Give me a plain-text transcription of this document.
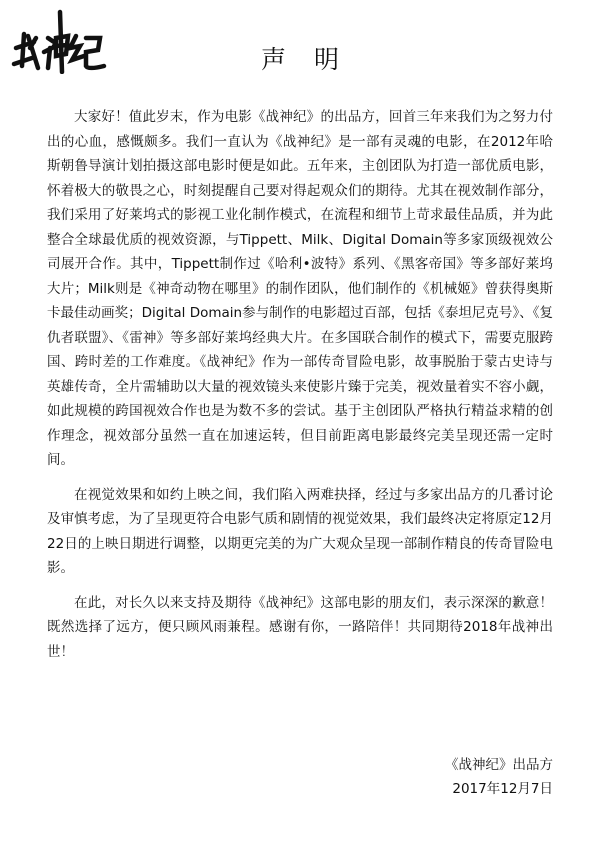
声 明

大家好！值此岁末，作为电影《战神纪》的出品方，回首三年来我们为之努力付出的心血，感慨颇多。我们一直认为《战神纪》是一部有灵魂的电影，在2012年哈斯朝鲁导演计划拍摄这部电影时便是如此。五年来，主创团队为打造一部优质电影，怀着极大的敬畏之心，时刻提醒自己要对得起观众们的期待。尤其在视效制作部分，我们采用了好莱坞式的影视工业化制作模式，在流程和细节上苛求最佳品质，并为此整合全球最优质的视效资源，与Tippett、Milk、Digital Domain等多家顶级视效公司展开合作。其中，Tippett制作过《哈利•波特》系列、《黑客帝国》等多部好莱坞大片；Milk则是《神奇动物在哪里》的制作团队，他们制作的《机械姬》曾获得奥斯卡最佳动画奖；Digital Domain参与制作的电影超过百部，包括《泰坦尼克号》、《复仇者联盟》、《雷神》等多部好莱坞经典大片。在多国联合制作的模式下，需要克服跨国、跨时差的工作难度。《战神纪》作为一部传奇冒险电影，故事脱胎于蒙古史诗与英雄传奇，全片需辅助以大量的视效镜头来使影片臻于完美，视效量着实不容小觑，如此规模的跨国视效合作也是为数不多的尝试。基于主创团队严格执行精益求精的创作理念，视效部分虽然一直在加速运转，但目前距离电影最终完美呈现还需一定时间。

在视觉效果和如约上映之间，我们陷入两难抉择，经过与多家出品方的几番讨论及审慎考虑，为了呈现更符合电影气质和剧情的视觉效果，我们最终决定将原定12月22日的上映日期进行调整，以期更完美的为广大观众呈现一部制作精良的传奇冒险电影。

在此，对长久以来支持及期待《战神纪》这部电影的朋友们，表示深深的歉意！既然选择了远方，便只顾风雨兼程。感谢有你，一路陪伴！共同期待2018年战神出世！

《战神纪》出品方
2017年12月7日
